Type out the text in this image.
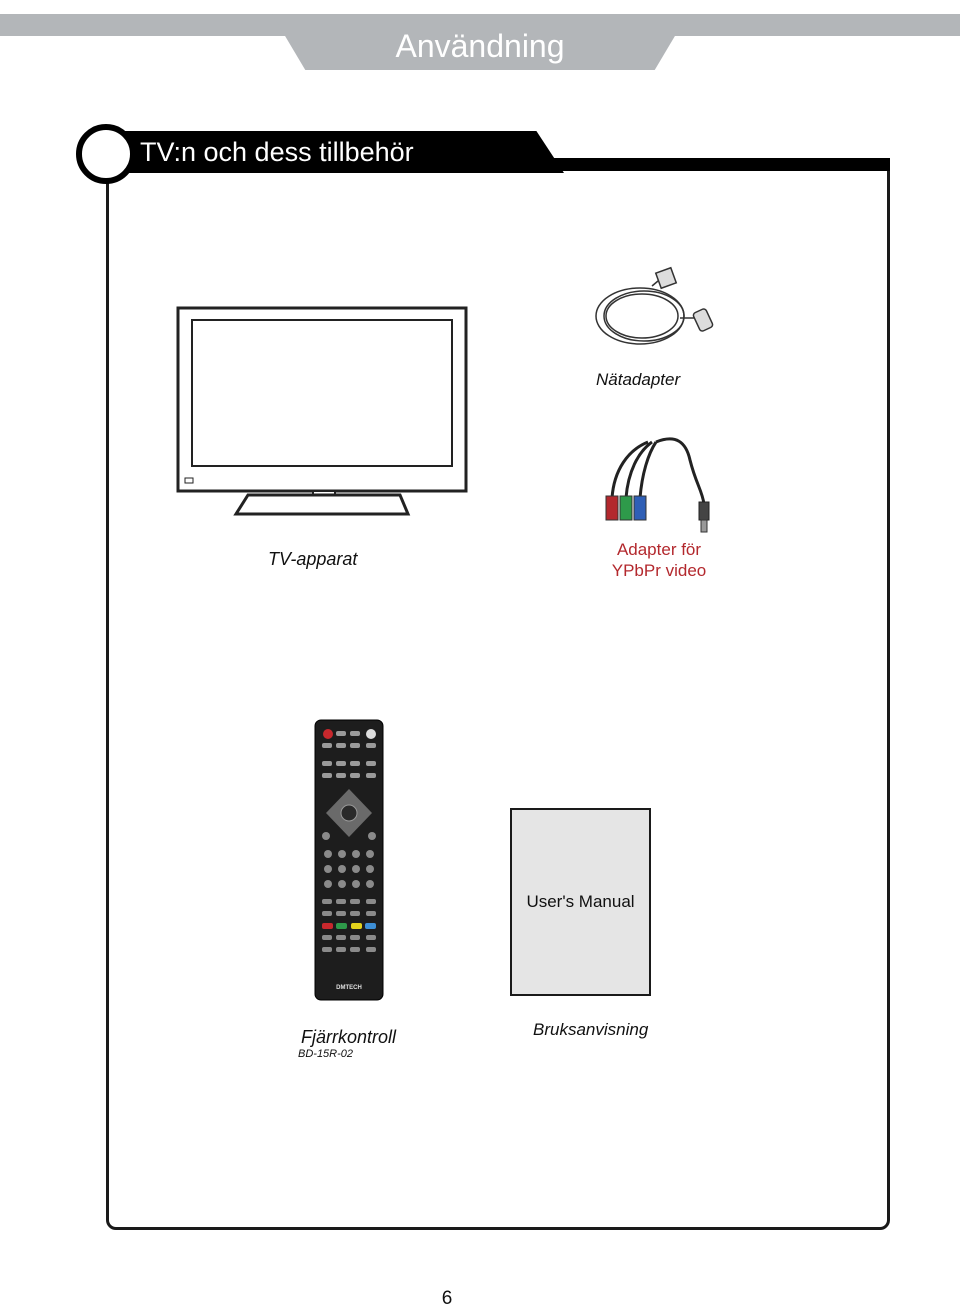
Användning
TV:n och dess tillbehör
TV-apparat
Nätadapter
Adapter för
YPbPr video
DMTECH
Fjärrkontroll
BD-15R-02
User's Manual
Bruksanvisning
6
